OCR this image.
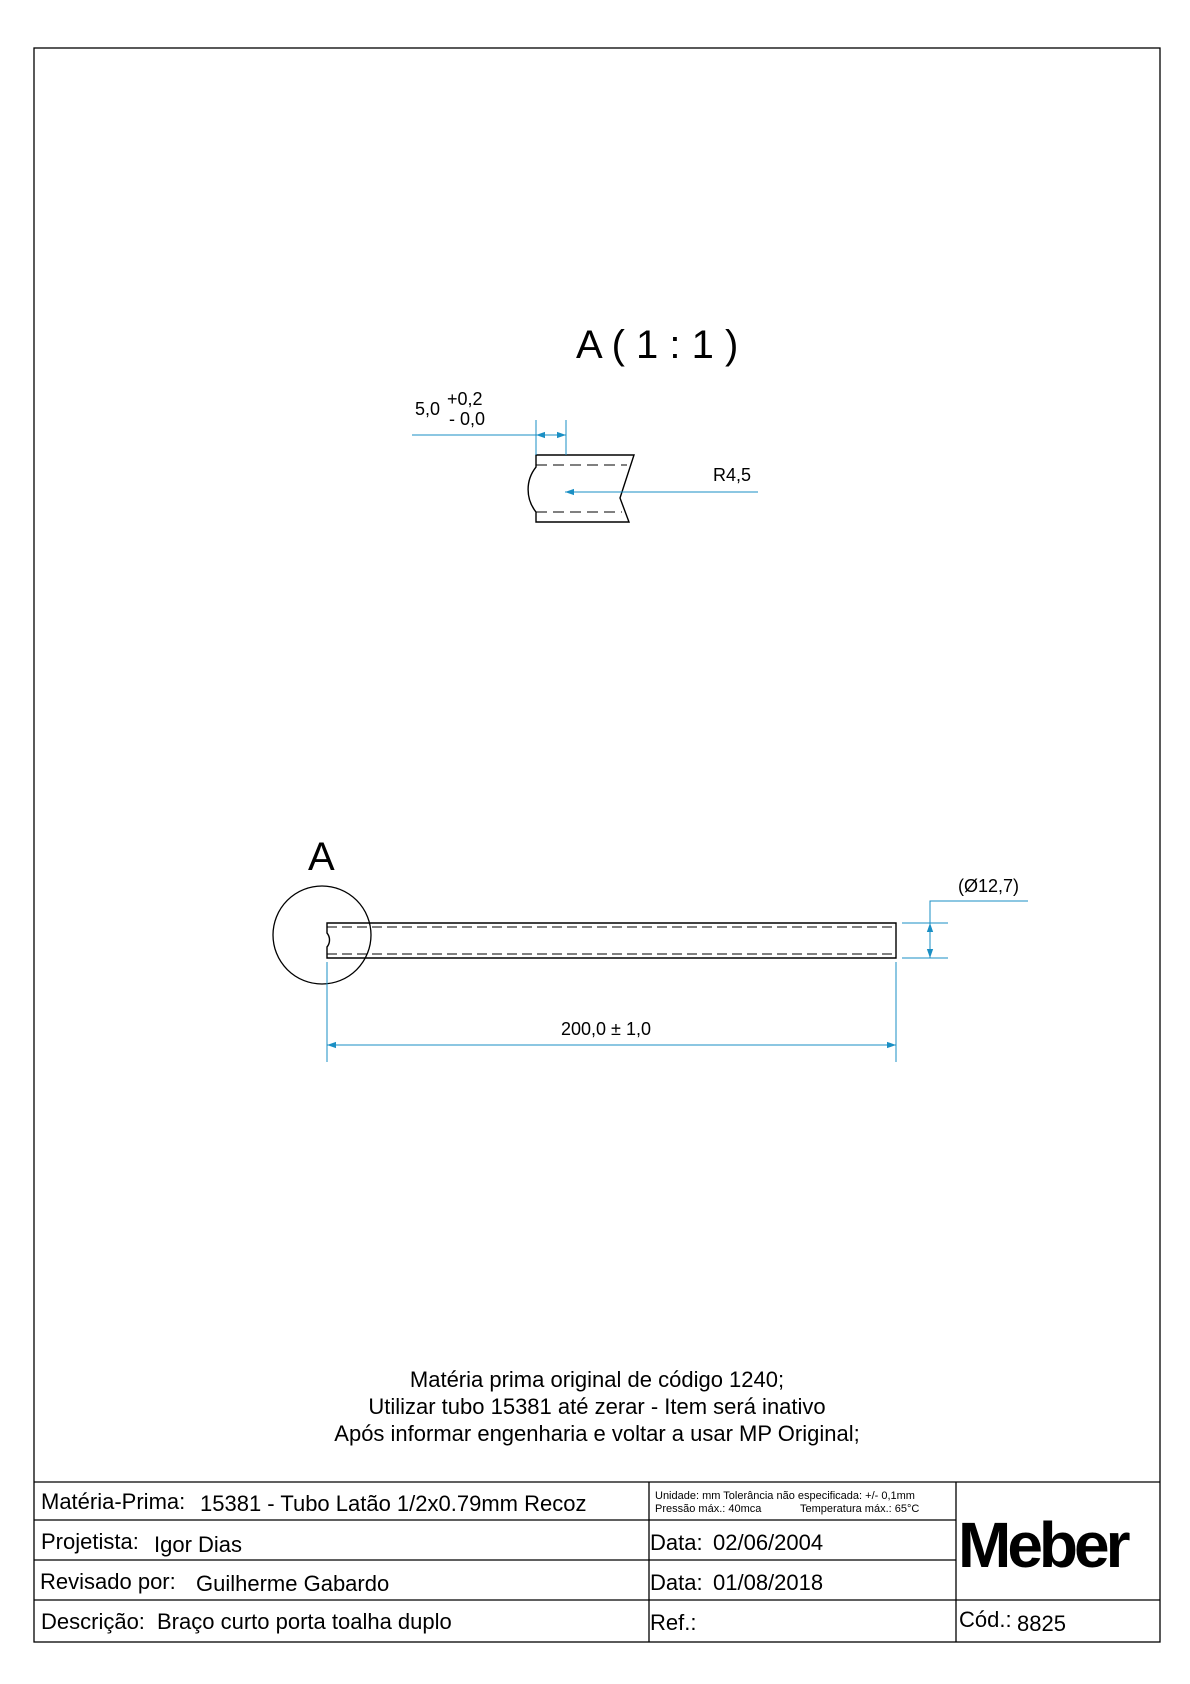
A ( 1 : 1 )
5,0 +0,2
- 0,0
R4,5
A
(Ø12,7)
200,0 ± 1,0
Matéria prima original de código 1240;
Utilizar tubo 15381 até zerar - Item será inativo
Após informar engenharia e voltar a usar MP Original;
Matéria-Prima: 15381 - Tubo Latão 1/2x0.79mm Recoz	Unidade: mm Tolerância não especificada: +/- 0,1mm
Pressão máx.: 40mca	Temperatura máx.: 65°C
Projetista: Igor Dias	Data: 02/06/2004
Revisado por: Guilherme Gabardo	Data: 01/08/2018
Descrição: Braço curto porta toalha duplo	Ref.:	Cód.: 8825
Meber
